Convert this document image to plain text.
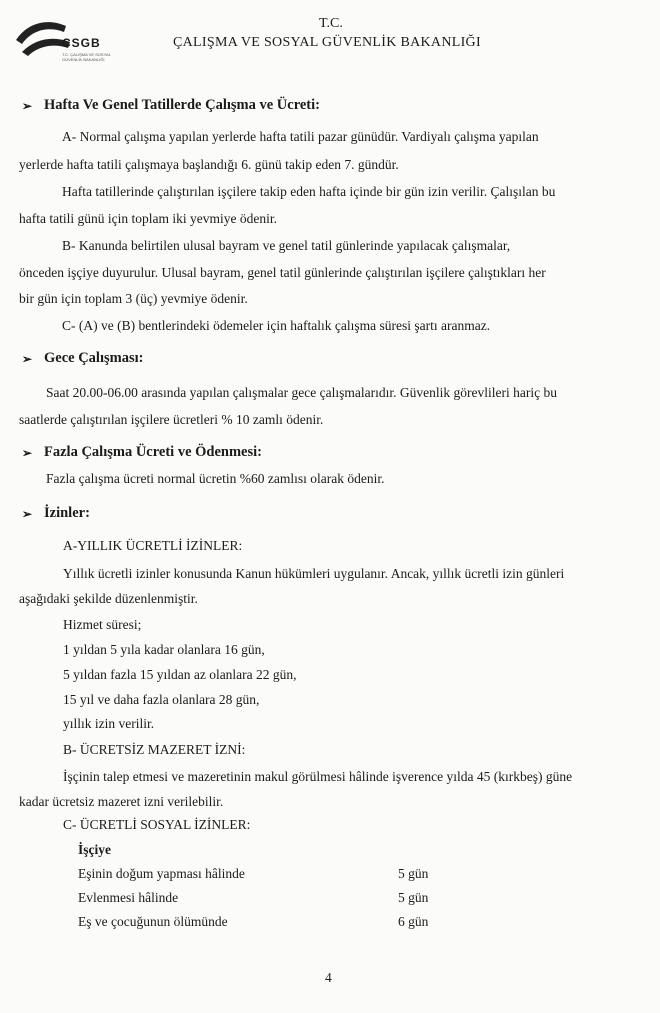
CSGB
T.C. ÇALIŞMA VE SOSYAL GÜVENLİK BAKANLIĞI
T.C.
ÇALIŞMA VE SOSYAL GÜVENLİK BAKANLIĞI
➢ Hafta Ve Genel Tatillerde Çalışma ve Ücreti:
A- Normal çalışma yapılan yerlerde hafta tatili pazar günüdür. Vardiyalı çalışma yapılan
yerlerde hafta tatili çalışmaya başlandığı 6. günü takip eden 7. gündür.
Hafta tatillerinde çalıştırılan işçilere takip eden hafta içinde bir gün izin verilir. Çalışılan bu
hafta tatili günü için toplam iki yevmiye ödenir.
B- Kanunda belirtilen ulusal bayram ve genel tatil günlerinde yapılacak çalışmalar,
önceden işçiye duyurulur. Ulusal bayram, genel tatil günlerinde çalıştırılan işçilere çalıştıkları her
bir gün için toplam 3 (üç) yevmiye ödenir.
C- (A) ve (B) bentlerindeki ödemeler için haftalık çalışma süresi şartı aranmaz.
➢ Gece Çalışması:
Saat 20.00-06.00 arasında yapılan çalışmalar gece çalışmalarıdır. Güvenlik görevlileri hariç bu
saatlerde çalıştırılan işçilere ücretleri % 10 zamlı ödenir.
➢ Fazla Çalışma Ücreti ve Ödenmesi:
Fazla çalışma ücreti normal ücretin %60 zamlısı olarak ödenir.
➢ İzinler:
A-YILLIK ÜCRETLİ İZİNLER:
Yıllık ücretli izinler konusunda Kanun hükümleri uygulanır. Ancak, yıllık ücretli izin günleri
aşağıdaki şekilde düzenlenmiştir.
Hizmet süresi;
1 yıldan 5 yıla kadar olanlara 16 gün,
5 yıldan fazla 15 yıldan az olanlara 22 gün,
15 yıl ve daha fazla olanlara 28 gün,
yıllık izin verilir.
B- ÜCRETSİZ MAZERET İZNİ:
İşçinin talep etmesi ve mazeretinin makul görülmesi hâlinde işverence yılda 45 (kırkbeş) güne
kadar ücretsiz mazeret izni verilebilir.
C- ÜCRETLİ SOSYAL İZİNLER:
İşçiye
Eşinin doğum yapması hâlinde	5 gün
Evlenmesi hâlinde	5 gün
Eş ve çocuğunun ölümünde	6 gün
4
